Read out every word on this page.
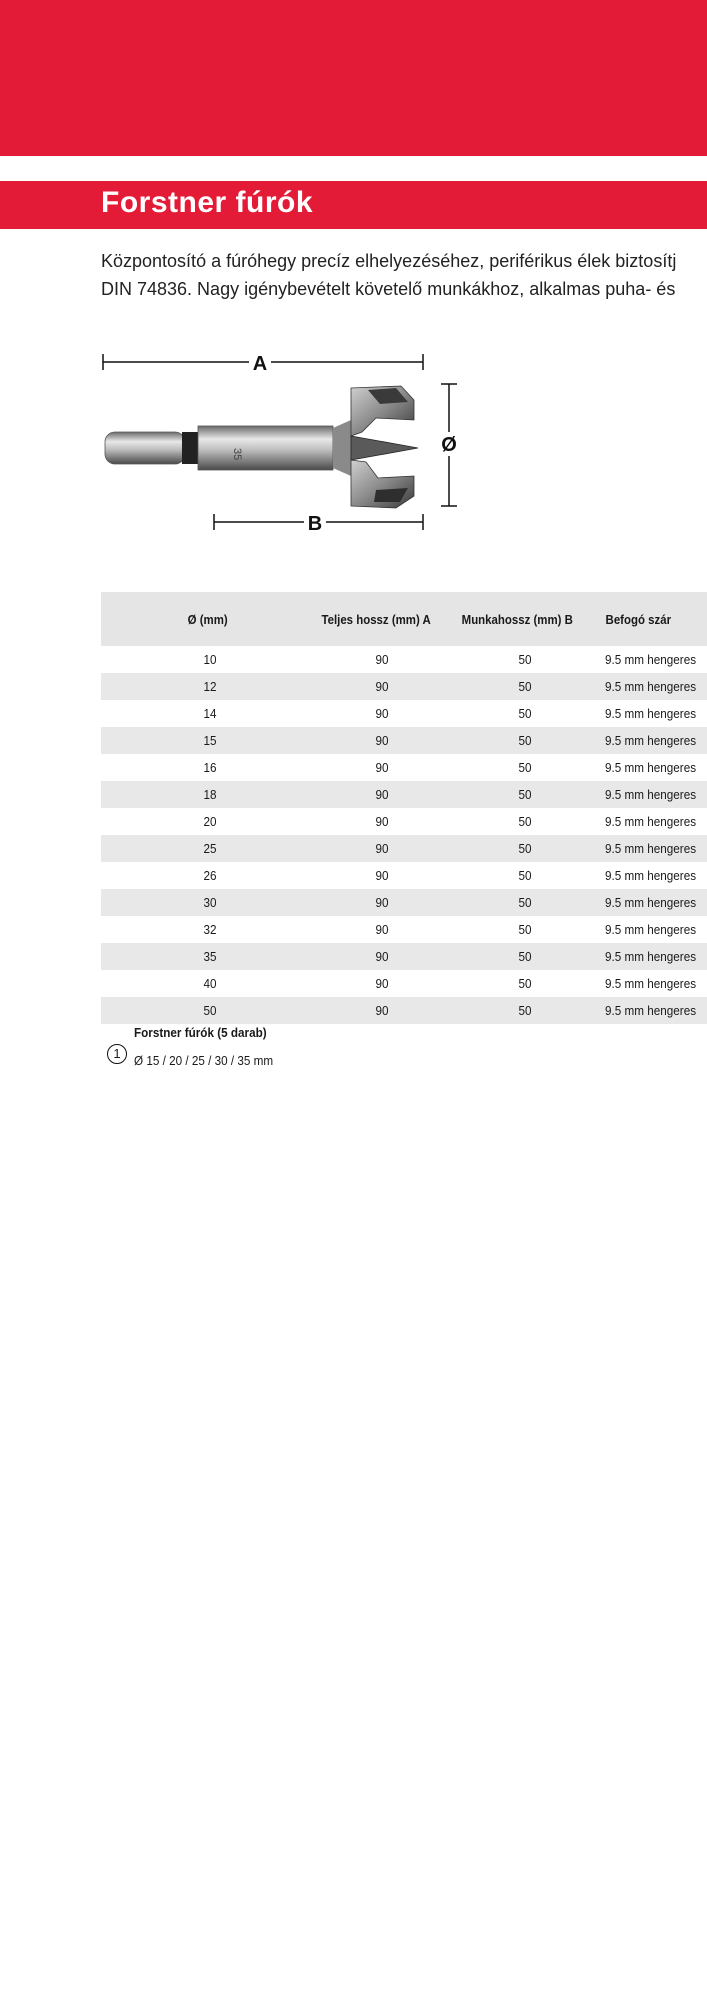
Forstner fúrók
Központosító a fúróhegy precíz elhelyezéséhez, periférikus élek biztosítj
DIN 74836. Nagy igénybevételt követelő munkákhoz, alkalmas puha- és
A
35	Ø
B
Ø (mm)	Teljes hossz (mm) A	Munkahossz (mm) B	Befogó szár
10	90	50	9.5 mm hengeres
12	90	50	9.5 mm hengeres
14	90	50	9.5 mm hengeres
15	90	50	9.5 mm hengeres
16	90	50	9.5 mm hengeres
18	90	50	9.5 mm hengeres
20	90	50	9.5 mm hengeres
25	90	50	9.5 mm hengeres
26	90	50	9.5 mm hengeres
30	90	50	9.5 mm hengeres
32	90	50	9.5 mm hengeres
35	90	50	9.5 mm hengeres
40	90	50	9.5 mm hengeres
50	90	50	9.5 mm hengeres
1
Forstner fúrók (5 darab)
Ø 15 / 20 / 25 / 30 / 35 mm
